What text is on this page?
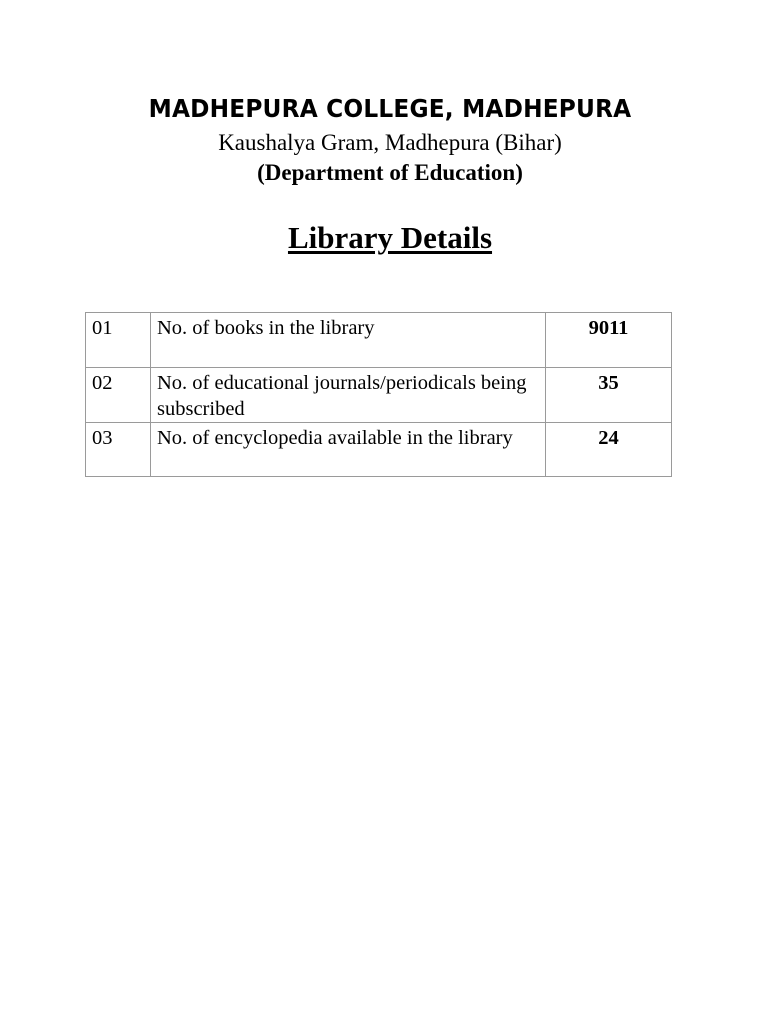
MADHEPURA COLLEGE, MADHEPURA
Kaushalya Gram, Madhepura (Bihar)
(Department of Education)
Library Details
01	No. of books in the library	9011
02	No. of educational journals/periodicals being subscribed	35
03	No. of encyclopedia available in the library	24
